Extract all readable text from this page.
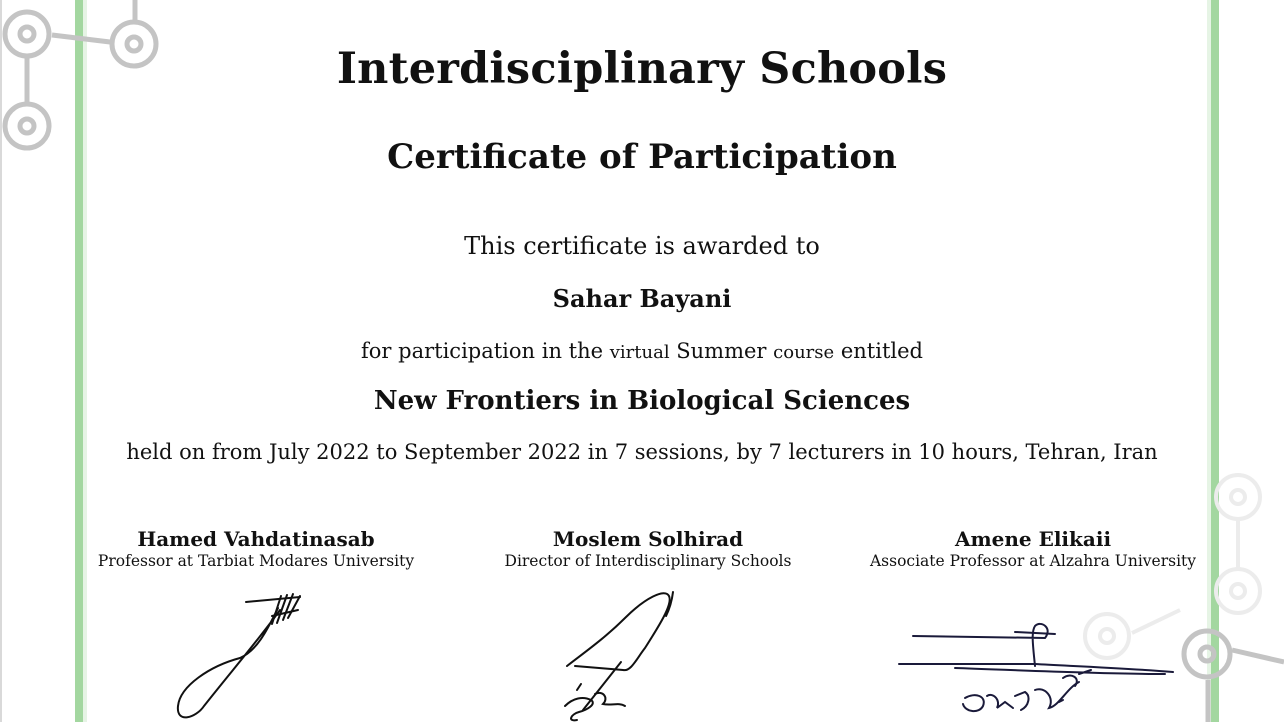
Interdisciplinary Schools
Certificate of Participation
This certificate is awarded to
Sahar Bayani
for participation in the virtual Summer course entitled
New Frontiers in Biological Sciences
held on from July 2022 to September 2022 in 7 sessions, by 7 lecturers in 10 hours, Tehran, Iran
Hamed Vahdatinasab
Professor at Tarbiat Modares University
Moslem Solhirad
Director of Interdisciplinary Schools
Amene Elikaii
Associate Professor at Alzahra University
